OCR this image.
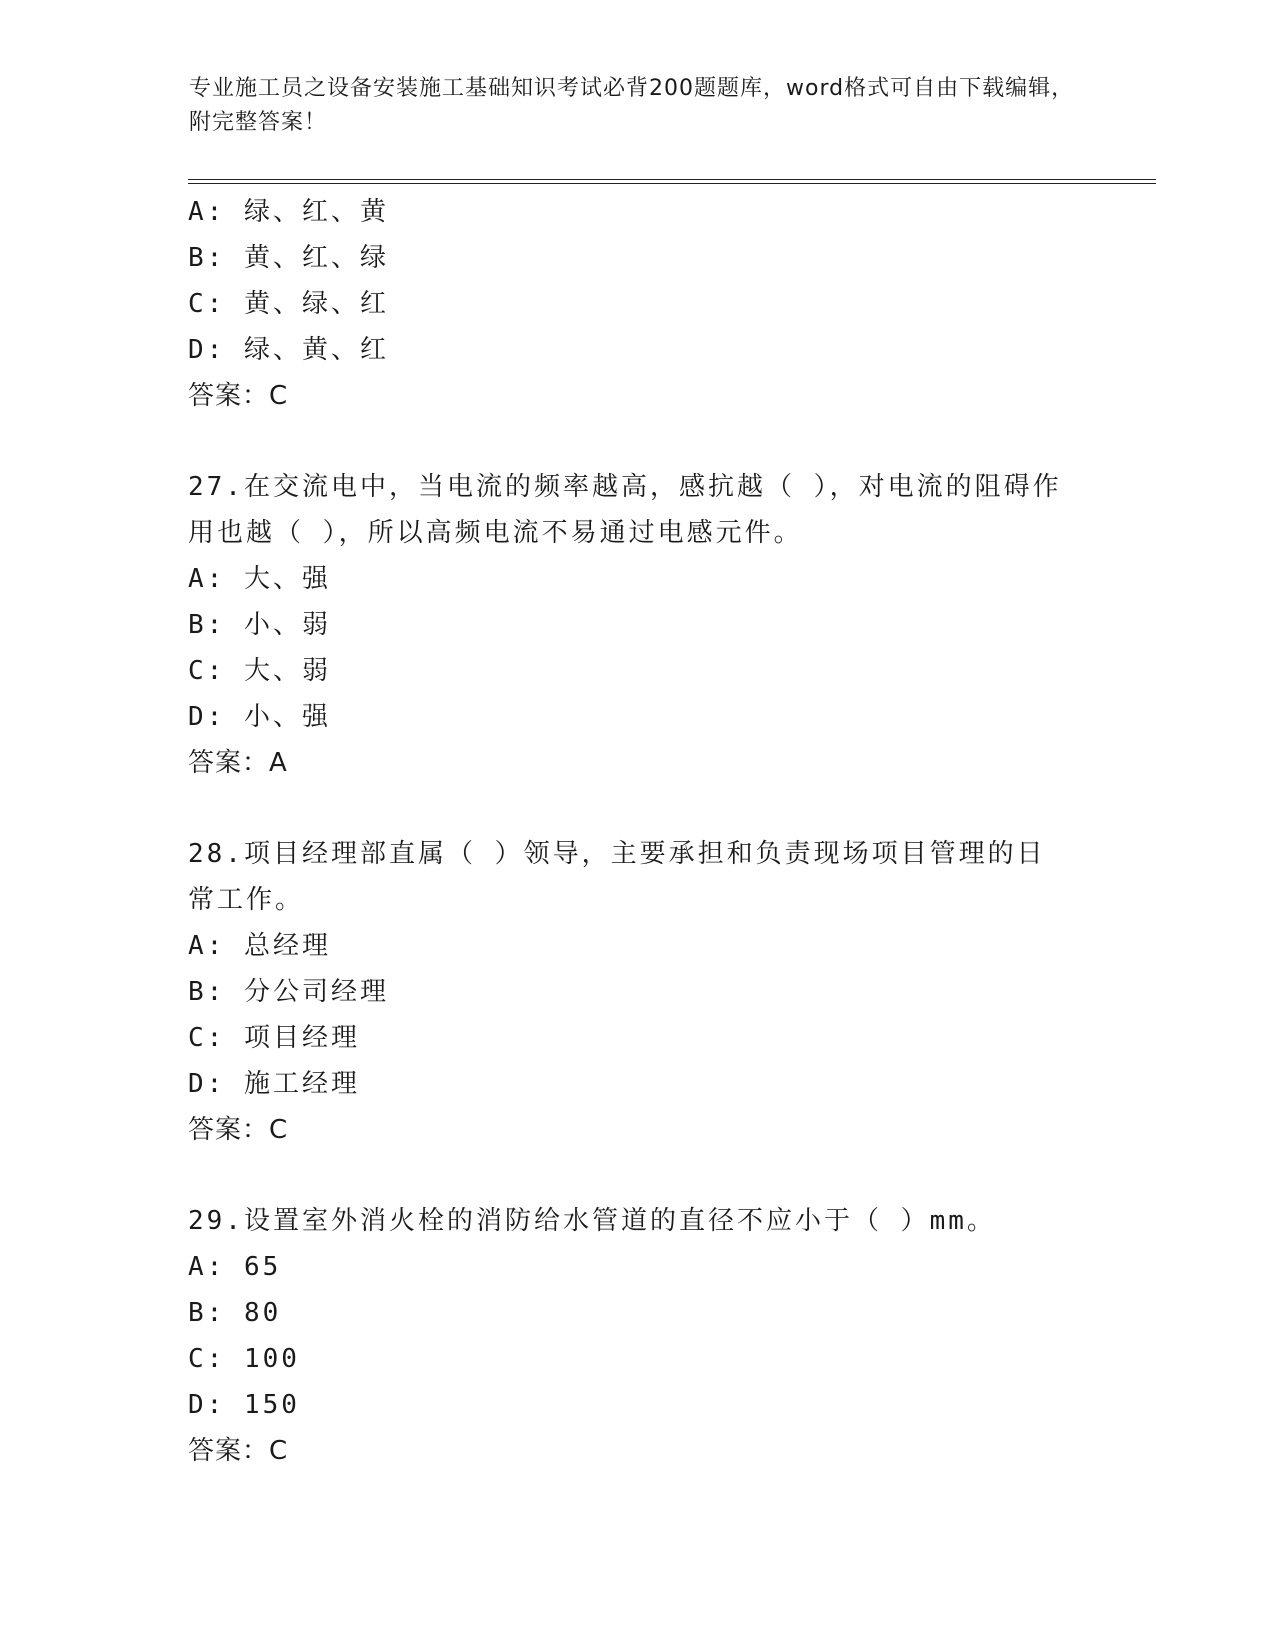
专业施工员之设备安装施工基础知识考试必背200题题库，word格式可自由下载编辑，附完整答案！
A: 绿、红、黄
B: 黄、红、绿
C: 黄、绿、红
D: 绿、黄、红
答案：C
27.在交流电中，当电流的频率越高，感抗越（ ），对电流的阻碍作用也越（ ），所以高频电流不易通过电感元件。
A: 大、强
B: 小、弱
C: 大、弱
D: 小、强
答案：A
28.项目经理部直属（ ）领导，主要承担和负责现场项目管理的日常工作。
A: 总经理
B: 分公司经理
C: 项目经理
D: 施工经理
答案：C
29.设置室外消火栓的消防给水管道的直径不应小于（ ）mm。
A: 65
B: 80
C: 100
D: 150
答案：C
